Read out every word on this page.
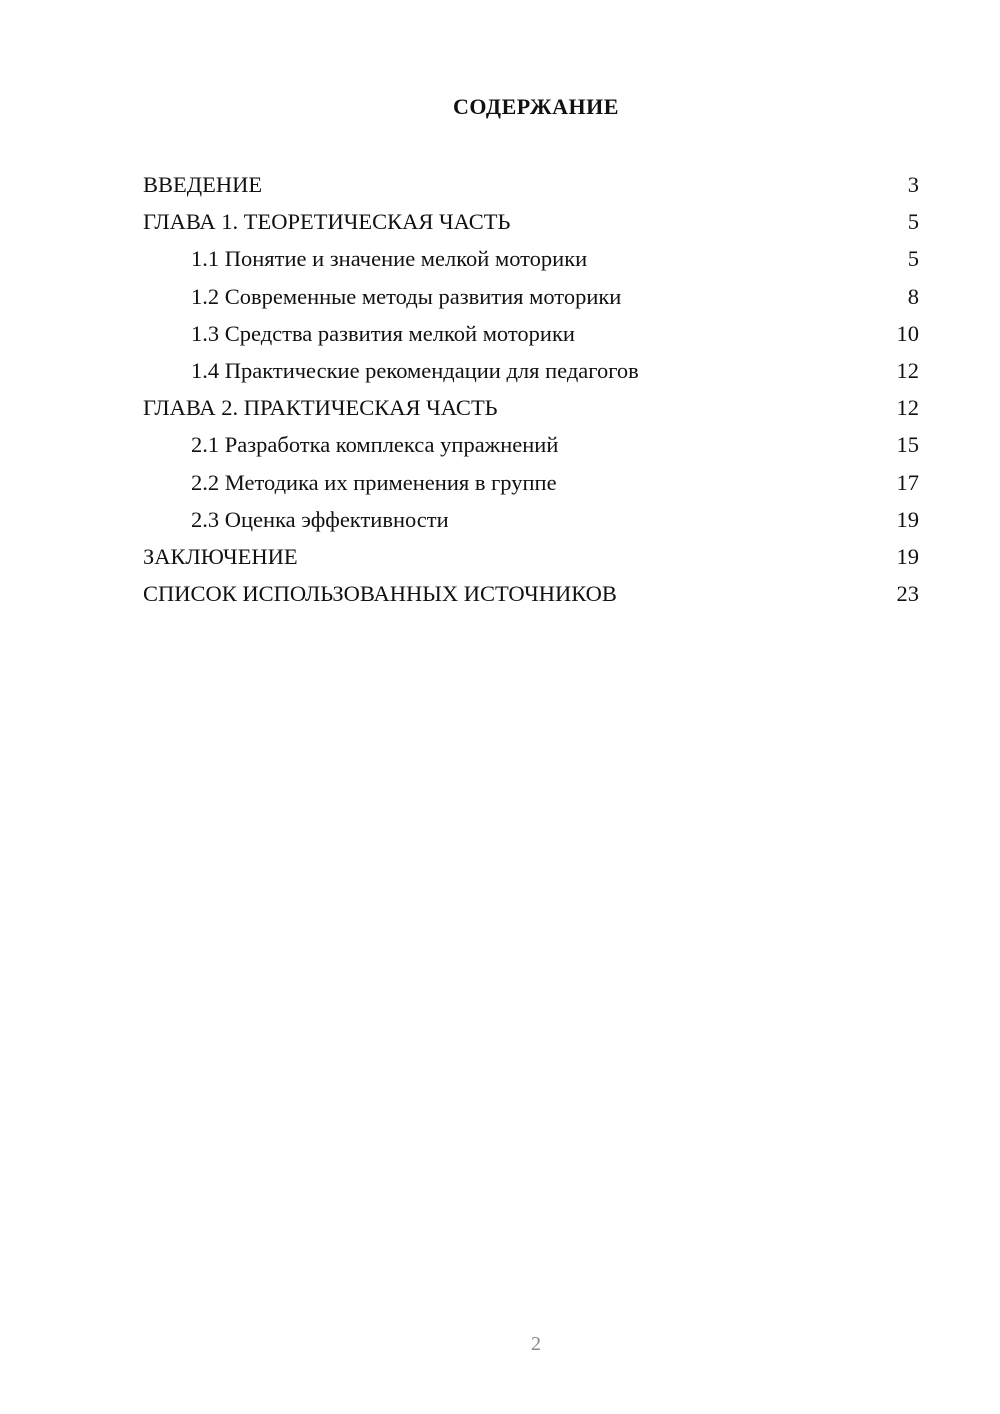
СОДЕРЖАНИЕ
ВВЕДЕНИЕ	3
ГЛАВА 1. ТЕОРЕТИЧЕСКАЯ ЧАСТЬ	5
1.1 Понятие и значение мелкой моторики	5
1.2 Современные методы развития моторики	8
1.3 Средства развития мелкой моторики	10
1.4 Практические рекомендации для педагогов	12
ГЛАВА 2. ПРАКТИЧЕСКАЯ ЧАСТЬ	12
2.1 Разработка комплекса упражнений	15
2.2 Методика их применения в группе	17
2.3 Оценка эффективности	19
ЗАКЛЮЧЕНИЕ	19
СПИСОК ИСПОЛЬЗОВАННЫХ ИСТОЧНИКОВ	23
2
